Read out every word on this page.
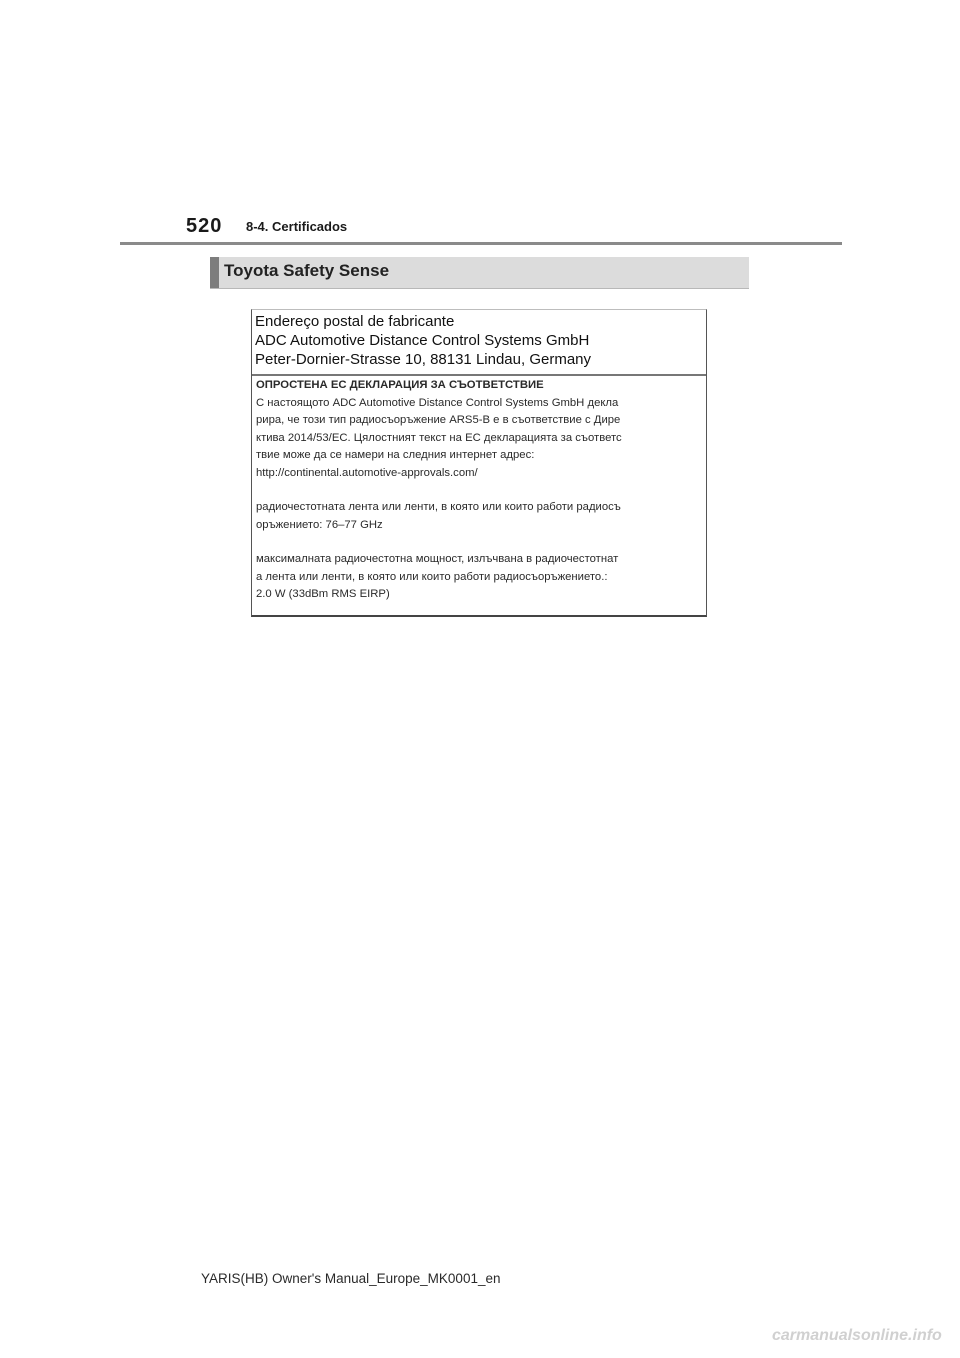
520 8-4. Certificados
Toyota Safety Sense
Endereço postal de fabricante
ADC Automotive Distance Control Systems GmbH
Peter-Dornier-Strasse 10, 88131 Lindau, Germany
ОПРОСТЕНА ЕС ДЕКЛАРАЦИЯ ЗА СЪОТВЕТСТВИЕ
С настоящото ADC Automotive Distance Control Systems GmbH декла
рира, че този тип радиосъоръжение ARS5-B е в съответствие с Дире
ктива 2014/53/ЕС. Цялостният текст на ЕС декларацията за съответс
твие може да се намери на следния интернет адрес:
http://continental.automotive-approvals.com/
радиочестотната лента или ленти, в която или които работи радиосъ
оръжението: 76–77 GHz
максималната радиочестотна мощност, излъчвана в радиочестотнат
а лента или ленти, в която или които работи радиосъоръжението.:
2.0 W (33dBm RMS EIRP)
YARIS(HB) Owner's Manual_Europe_MK0001_en
carmanualsonline.info
